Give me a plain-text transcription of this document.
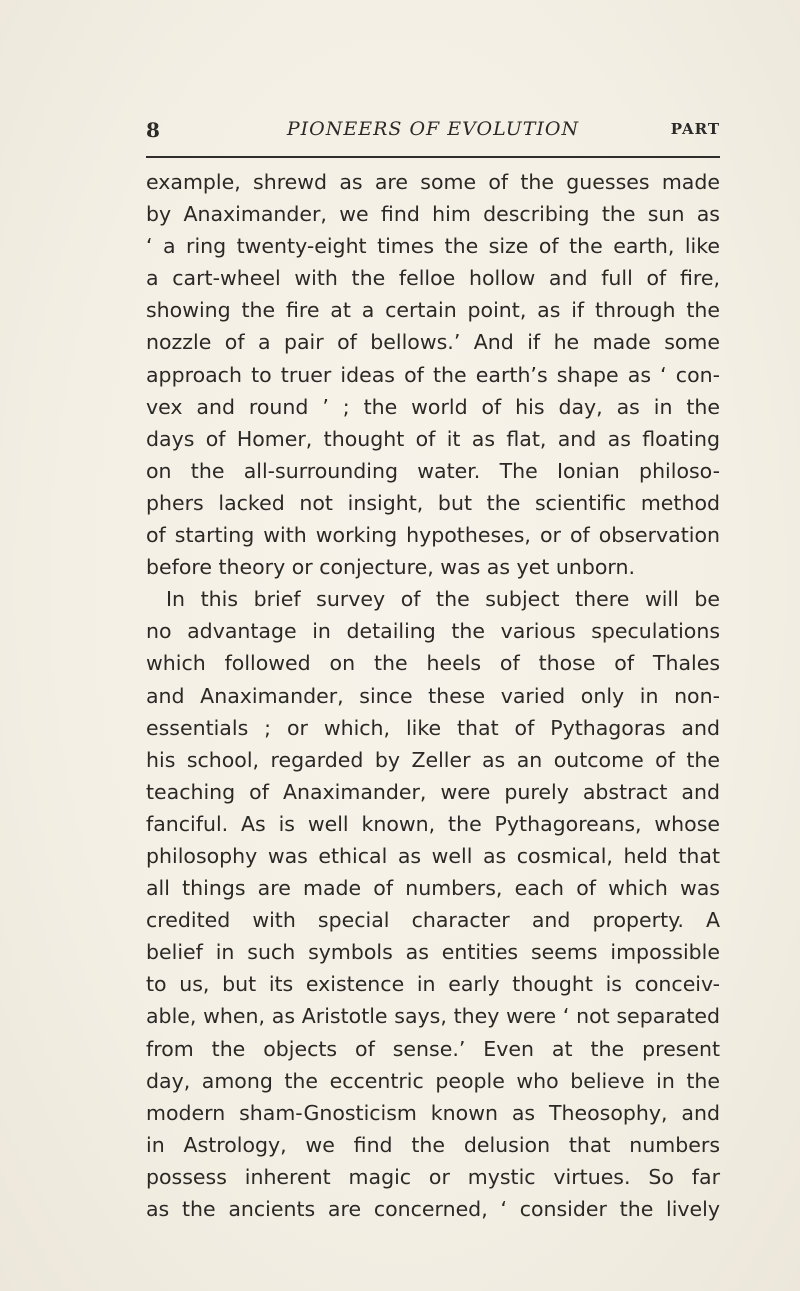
8	PIONEERS OF EVOLUTION	PART
example, shrewd as are some of the guesses made
by Anaximander, we find him describing the sun as
‘ a ring twenty-eight times the size of the earth, like
a cart-wheel with the felloe hollow and full of fire,
showing the fire at a certain point, as if through the
nozzle of a pair of bellows.’ And if he made some
approach to truer ideas of the earth’s shape as ‘ con-
vex and round ’ ; the world of his day, as in the
days of Homer, thought of it as flat, and as floating
on the all-surrounding water. The Ionian philoso-
phers lacked not insight, but the scientific method
of starting with working hypotheses, or of observation
before theory or conjecture, was as yet unborn.
In this brief survey of the subject there will be
no advantage in detailing the various speculations
which followed on the heels of those of Thales
and Anaximander, since these varied only in non-
essentials ; or which, like that of Pythagoras and
his school, regarded by Zeller as an outcome of the
teaching of Anaximander, were purely abstract and
fanciful. As is well known, the Pythagoreans, whose
philosophy was ethical as well as cosmical, held that
all things are made of numbers, each of which was
credited with special character and property. A
belief in such symbols as entities seems impossible
to us, but its existence in early thought is conceiv-
able, when, as Aristotle says, they were ‘ not separated
from the objects of sense.’ Even at the present
day, among the eccentric people who believe in the
modern sham-Gnosticism known as Theosophy, and
in Astrology, we find the delusion that numbers
possess inherent magic or mystic virtues. So far
as the ancients are concerned, ‘ consider the lively
